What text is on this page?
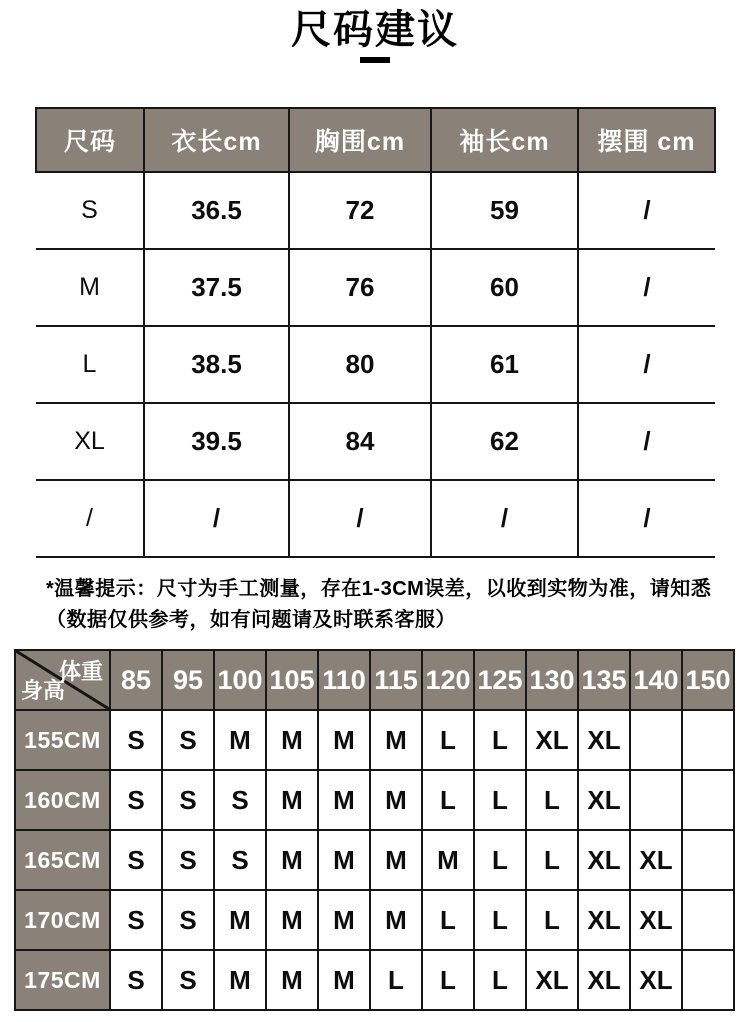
尺码建议
尺码	衣长cm	胸围cm	袖长cm	摆围 cm
S	36.5	72	59	/
M	37.5	76	60	/
L	38.5	80	61	/
XL	39.5	84	62	/
/	/	/	/	/
*温馨提示：尺寸为手工测量，存在1-3CM误差，以收到实物为准，请知悉
（数据仅供参考，如有问题请及时联系客服）
体重
身高	85	95	100	105	110	115	120	125	130	135	140	150
155CM	S	S	M	M	M	M	L	L	XL	XL		
160CM	S	S	S	M	M	M	L	L	L	XL		
165CM	S	S	S	M	M	M	M	L	L	XL	XL	
170CM	S	S	M	M	M	M	L	L	L	XL	XL	
175CM	S	S	M	M	M	L	L	L	XL	XL	XL	
